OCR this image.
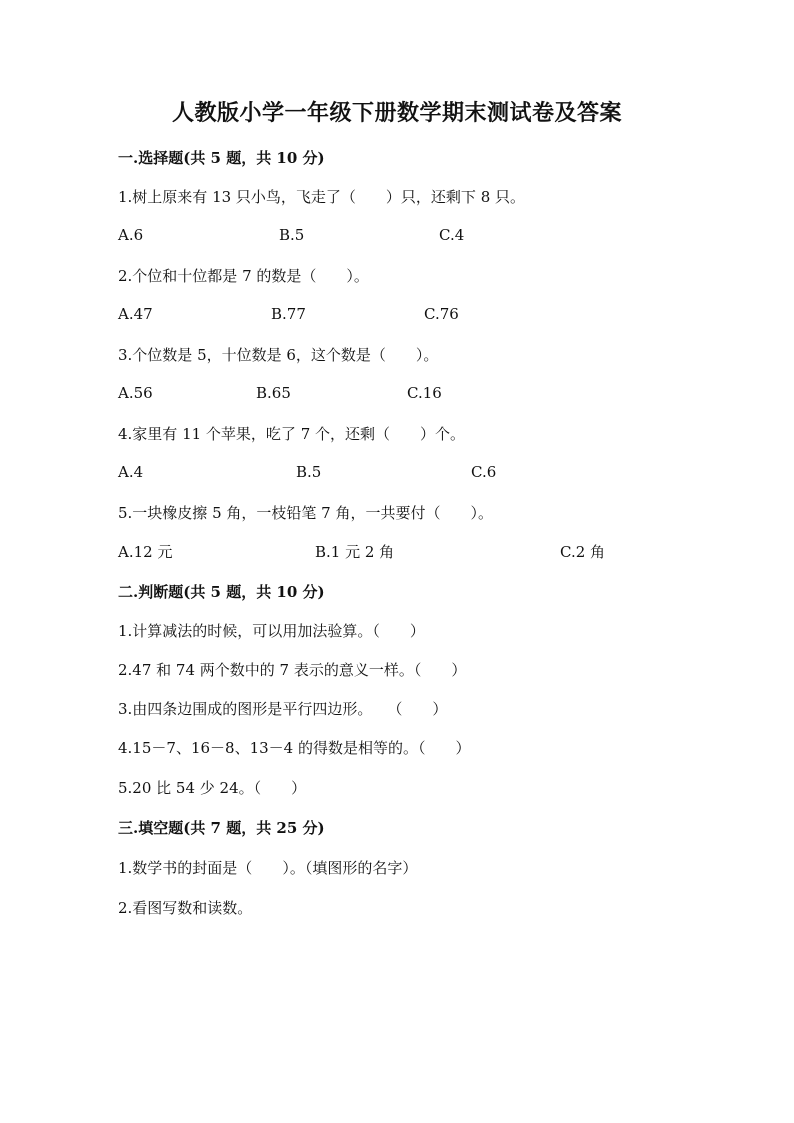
人教版小学一年级下册数学期末测试卷及答案
一.选择题(共 5 题，共 10 分)
1.树上原来有 13 只小鸟，飞走了（　　）只，还剩下 8 只。
A.6	B.5	C.4
2.个位和十位都是 7 的数是（　　）。
A.47	B.77	C.76
3.个位数是 5，十位数是 6，这个数是（　　）。
A.56	B.65	C.16
4.家里有 11 个苹果，吃了 7 个，还剩（　　）个。
A.4	B.5	C.6
5.一块橡皮擦 5 角，一枝铅笔 7 角，一共要付（　　）。
A.12 元	B.1 元 2 角	C.2 角
二.判断题(共 5 题，共 10 分)
1.计算减法的时候，可以用加法验算。（　　）
2.47 和 74 两个数中的 7 表示的意义一样。（　　）
3.由四条边围成的图形是平行四边形。　　（　　）
4.15－7、16－8、13－4 的得数是相等的。（　　）
5.20 比 54 少 24。（　　）
三.填空题(共 7 题，共 25 分)
1.数学书的封面是（　　）。（填图形的名字）
2.看图写数和读数。
